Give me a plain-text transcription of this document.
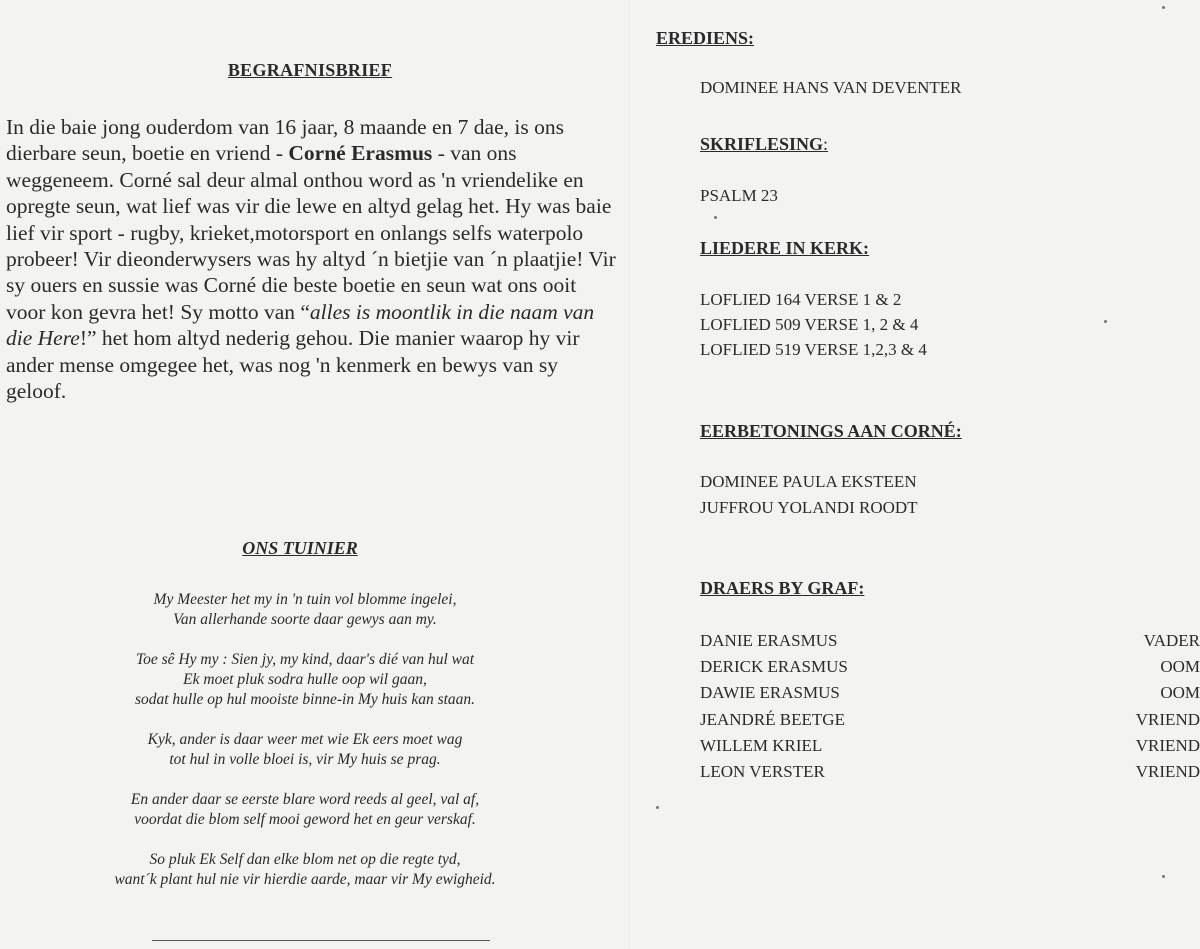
BEGRAFNISBRIEF

In die baie jong ouderdom van 16 jaar, 8 maande en 7 dae, is ons dierbare seun, boetie en vriend - Corné Erasmus - van ons weggeneem. Corné sal deur almal onthou word as 'n vriendelike en opregte seun, wat lief was vir die lewe en altyd gelag het. Hy was baie lief vir sport - rugby, krieket,motorsport en onlangs selfs waterpolo probeer! Vir dieonderwysers was hy altyd ´n bietjie van ´n plaatjie! Vir sy ouers en sussie was Corné die beste boetie en seun wat ons ooit voor kon gevra het! Sy motto van “alles is moontlik in die naam van die Here!” het hom altyd nederig gehou. Die manier waarop hy vir ander mense omgegee het, was nog 'n kenmerk en bewys van sy geloof.

ONS TUINIER
My Meester het my in 'n tuin vol blomme ingelei,
Van allerhande soorte daar gewys aan my.
Toe sê Hy my : Sien jy, my kind, daar's dié van hul wat
Ek moet pluk sodra hulle oop wil gaan,
sodat hulle op hul mooiste binne-in My huis kan staan.
Kyk, ander is daar weer met wie Ek eers moet wag
tot hul in volle bloei is, vir My huis se prag.
En ander daar se eerste blare word reeds al geel, val af,
voordat die blom self mooi geword het en geur verskaf.
So pluk Ek Self dan elke blom net op die regte tyd,
want´k plant hul nie vir hierdie aarde, maar vir My ewigheid.
EREDIENS:
DOMINEE HANS VAN DEVENTER
SKRIFLESING:
PSALM 23
LIEDERE IN KERK:
LOFLIED 164 VERSE 1 & 2
LOFLIED 509 VERSE 1, 2 & 4
LOFLIED 519 VERSE 1,2,3 & 4
EERBETONINGS AAN CORNÉ:
DOMINEE PAULA EKSTEEN
JUFFROU YOLANDI ROODT
DRAERS BY GRAF:
DANIE ERASMUS	VADER
DERICK ERASMUS	OOM
DAWIE ERASMUS	OOM
JEANDRÉ BEETGE	VRIEND
WILLEM KRIEL	VRIEND
LEON VERSTER	VRIEND
